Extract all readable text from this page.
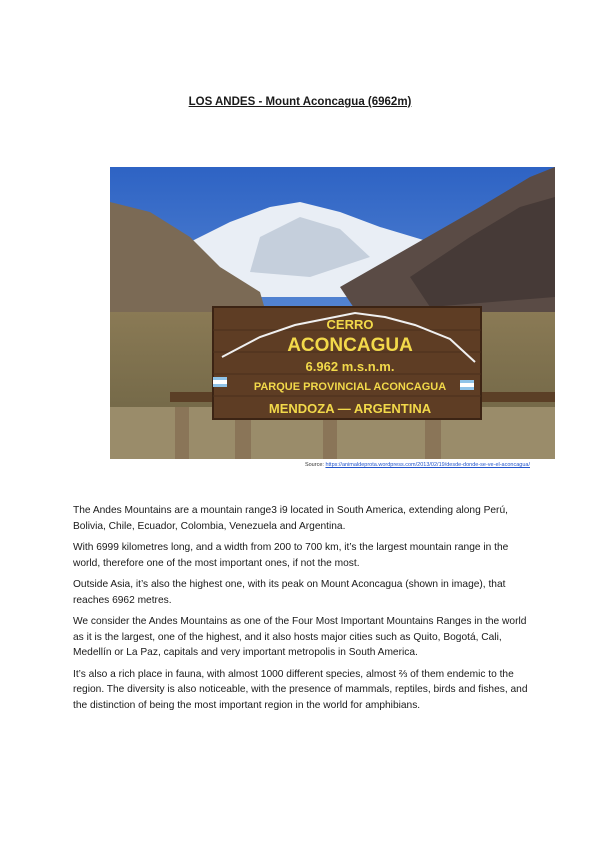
LOS ANDES - Mount Aconcagua (6962m)
CERRO
ACONCAGUA
6.962 m.s.n.m.
PARQUE PROVINCIAL ACONCAGUA
MENDOZA — ARGENTINA
Source: https://animaldeprota.wordpress.com/2013/02/19/desde-donde-se-ve-el-aconcagua/

The Andes Mountains are a mountain range3 i9 located in South America, extending along Perú, Bolivia, Chile, Ecuador, Colombia, Venezuela and Argentina.

With 6999 kilometres long, and a width from 200 to 700 km, it’s the largest mountain range in the world, therefore one of the most important ones, if not the most.

Outside Asia, it’s also the highest one, with its peak on Mount Aconcagua (shown in image), that reaches 6962 metres.

We consider the Andes Mountains as one of the Four Most Important Mountains Ranges in the world as it is the largest, one of the highest, and it also hosts major cities such as Quito, Bogotá, Cali, Medellín or La Paz, capitals and very important metropolis in South America.

It’s also a rich place in fauna, with almost 1000 different species, almost ⅔ of them endemic to the region. The diversity is also noticeable, with the presence of mammals, reptiles, birds and fishes, and the distinction of being the most important region in the world for amphibians.
